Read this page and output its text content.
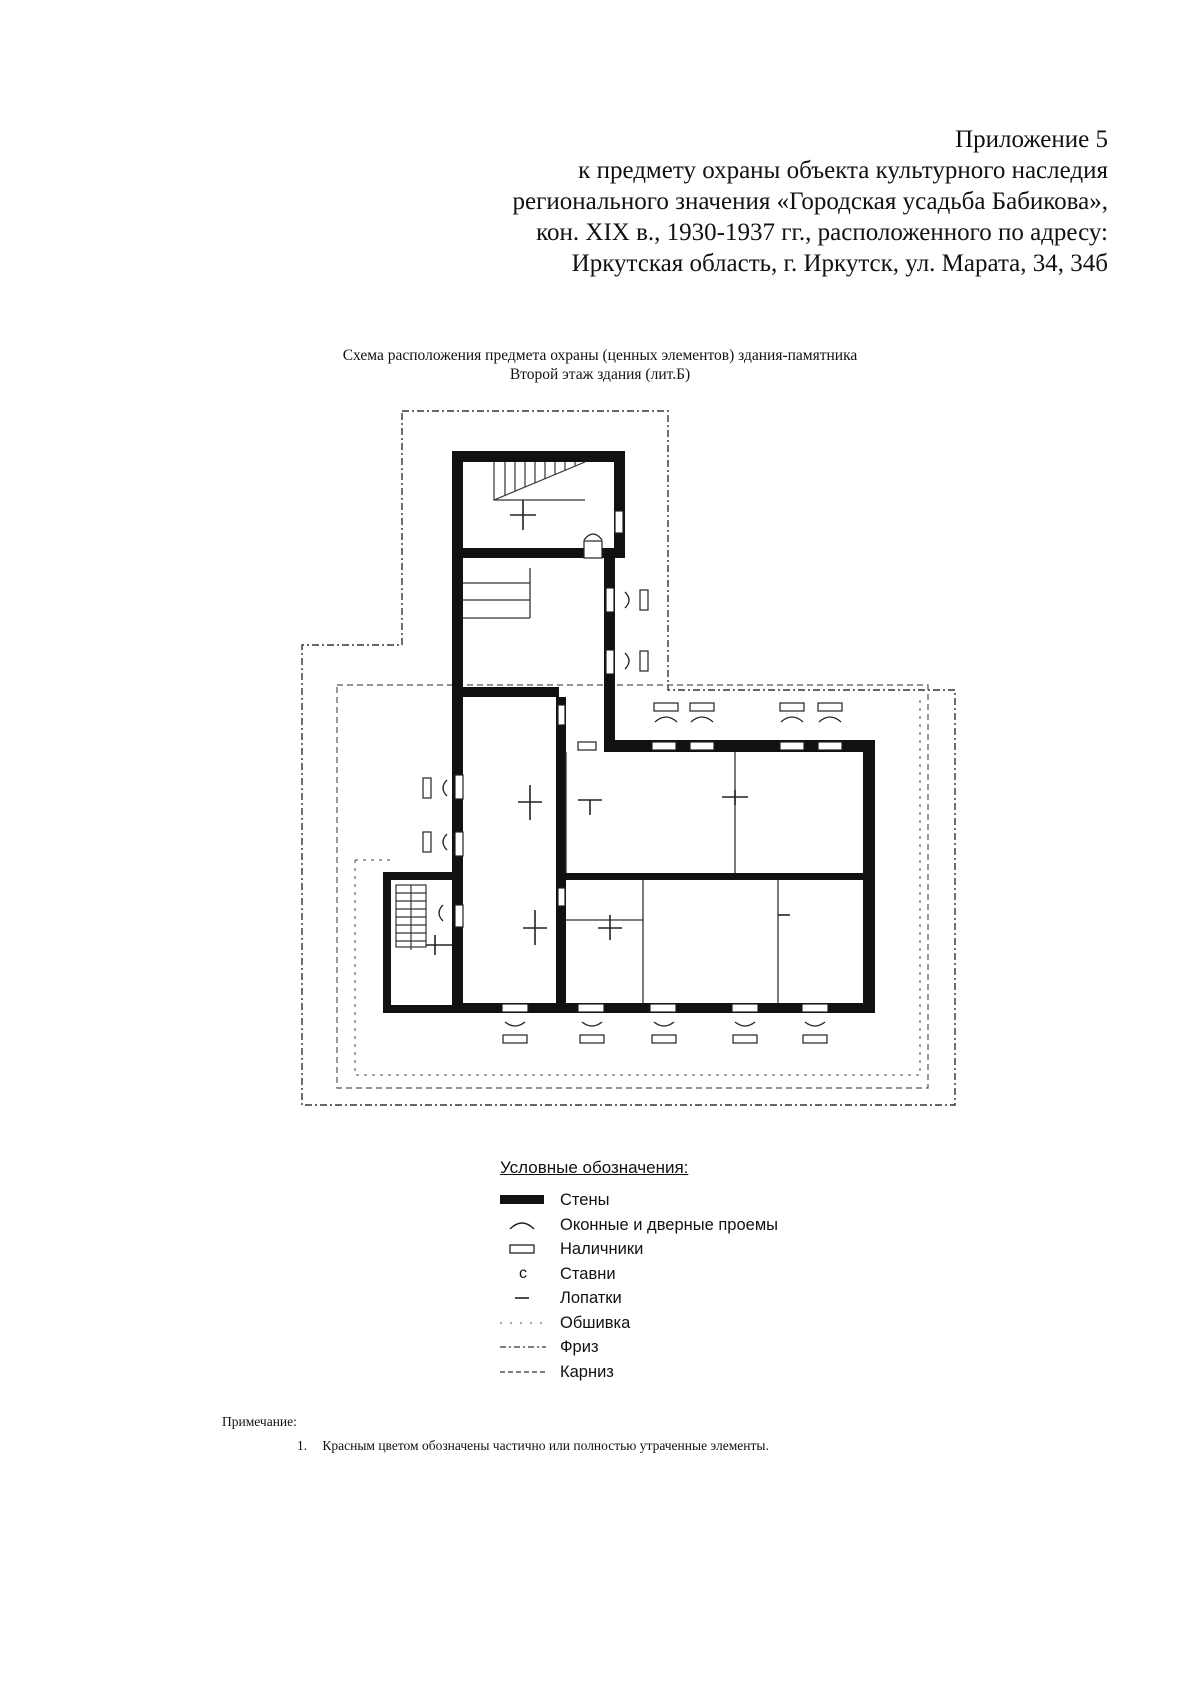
Приложение 5
к предмету охраны объекта культурного наследия
регионального значения «Городская усадьба Бабикова»,
кон. XIX в., 1930-1937 гг., расположенного по адресу:
Иркутская область, г. Иркутск, ул. Марата, 34, 34б
Схема расположения предмета охраны (ценных элементов) здания-памятника
Второй этаж здания (лит.Б)
Условные обозначения:
Стены
Оконные и дверные проемы
Наличники
с	Ставни
Лопатки
Обшивка
Фриз
Карниз
Примечание:
1. Красным цветом обозначены частично или полностью утраченные элементы.
